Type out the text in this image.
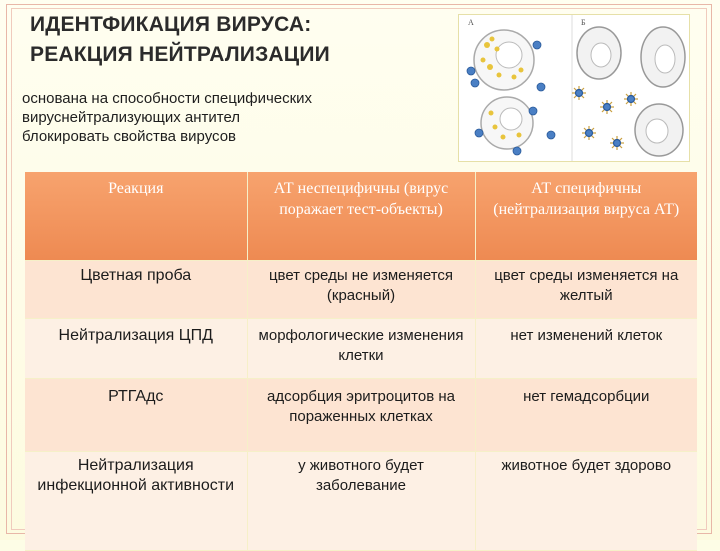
ИДЕНТФИКАЦИЯ ВИРУСА:
РЕАКЦИЯ НЕЙТРАЛИЗАЦИИ
основана на способности специфических
вируснейтрализующих антител
блокировать свойства вирусов
А	Б
Реакция	АТ неспецифичны (вирус поражает тест-объекты)	АТ специфичны (нейтрализация вируса АТ)
Цветная проба	цвет среды не изменяется (красный)	цвет среды изменяется на желтый
Нейтрализация ЦПД	морфологические изменения клетки	нет изменений клеток
РТГАдс	адсорбция эритроцитов на пораженных клетках	нет гемадсорбции
Нейтрализация инфекционной активности	у животного будет заболевание	животное будет здорово
